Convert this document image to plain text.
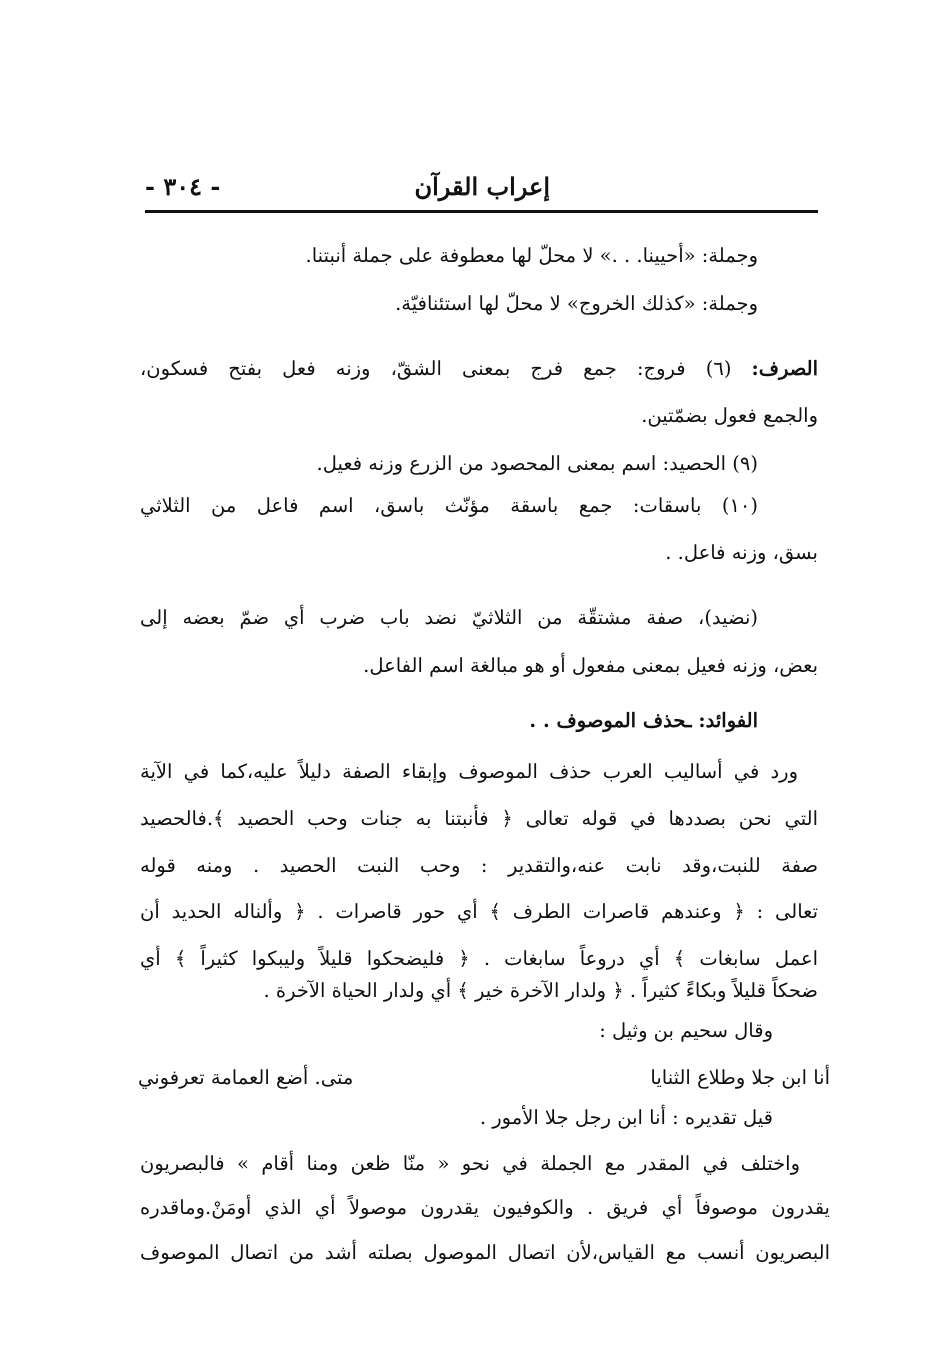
- ٣٠٤ -	إعراب القرآن
وجملة: «أحيينا. . .» لا محلّ لها معطوفة على جملة أنبتنا.
وجملة: «كذلك الخروج» لا محلّ لها استئنافيّة.
الصرف: (٦) فروج: جمع فرج بمعنى الشقّ، وزنه فعل بفتح فسكون،
والجمع فعول بضمّتين.
(٩) الحصيد: اسم بمعنى المحصود من الزرع وزنه فعيل.
(١٠) باسقات: جمع باسقة مؤنّث باسق، اسم فاعل من الثلاثي
بسق، وزنه فاعل. .
(نضيد)، صفة مشتقّة من الثلاثيّ نضد باب ضرب أي ضمّ بعضه إلى
بعض، وزنه فعيل بمعنى مفعول أو هو مبالغة اسم الفاعل.
الفوائد: ـحذف الموصوف . .
ورد في أساليب العرب حذف الموصوف وإبقاء الصفة دليلاً عليه،كما في الآية
التي نحن بصددها في قوله تعالى ﴿ فأنبتنا به جنات وحب الحصيد ﴾.فالحصيد
صفة للنبت،وقد نابت عنه،والتقدير : وحب النبت الحصيد . ومنه قوله
تعالى : ﴿ وعندهم قاصرات الطرف ﴾ أي حور قاصرات . ﴿ وألناله الحديد أن
اعمل سابغات ﴾ أي دروعاً سابغات . ﴿ فليضحكوا قليلاً وليبكوا كثيراً ﴾ أي
ضحكاً قليلاً وبكاءً كثيراً . ﴿ ولدار الآخرة خير ﴾ أي ولدار الحياة الآخرة .
وقال سحيم بن وثيل :
أنا ابن جلا وطلاع الثنايا
متى. أضع العمامة تعرفوني
قيل تقديره : أنا ابن رجل جلا الأمور .
واختلف في المقدر مع الجملة في نحو « منّا ظعن ومنا أقام » فالبصريون
يقدرون موصوفاً أي فريق . والكوفيون يقدرون موصولاً أي الذي أومَنْ.وماقدره
البصريون أنسب مع القياس،لأن اتصال الموصول بصلته أشد من اتصال الموصوف
